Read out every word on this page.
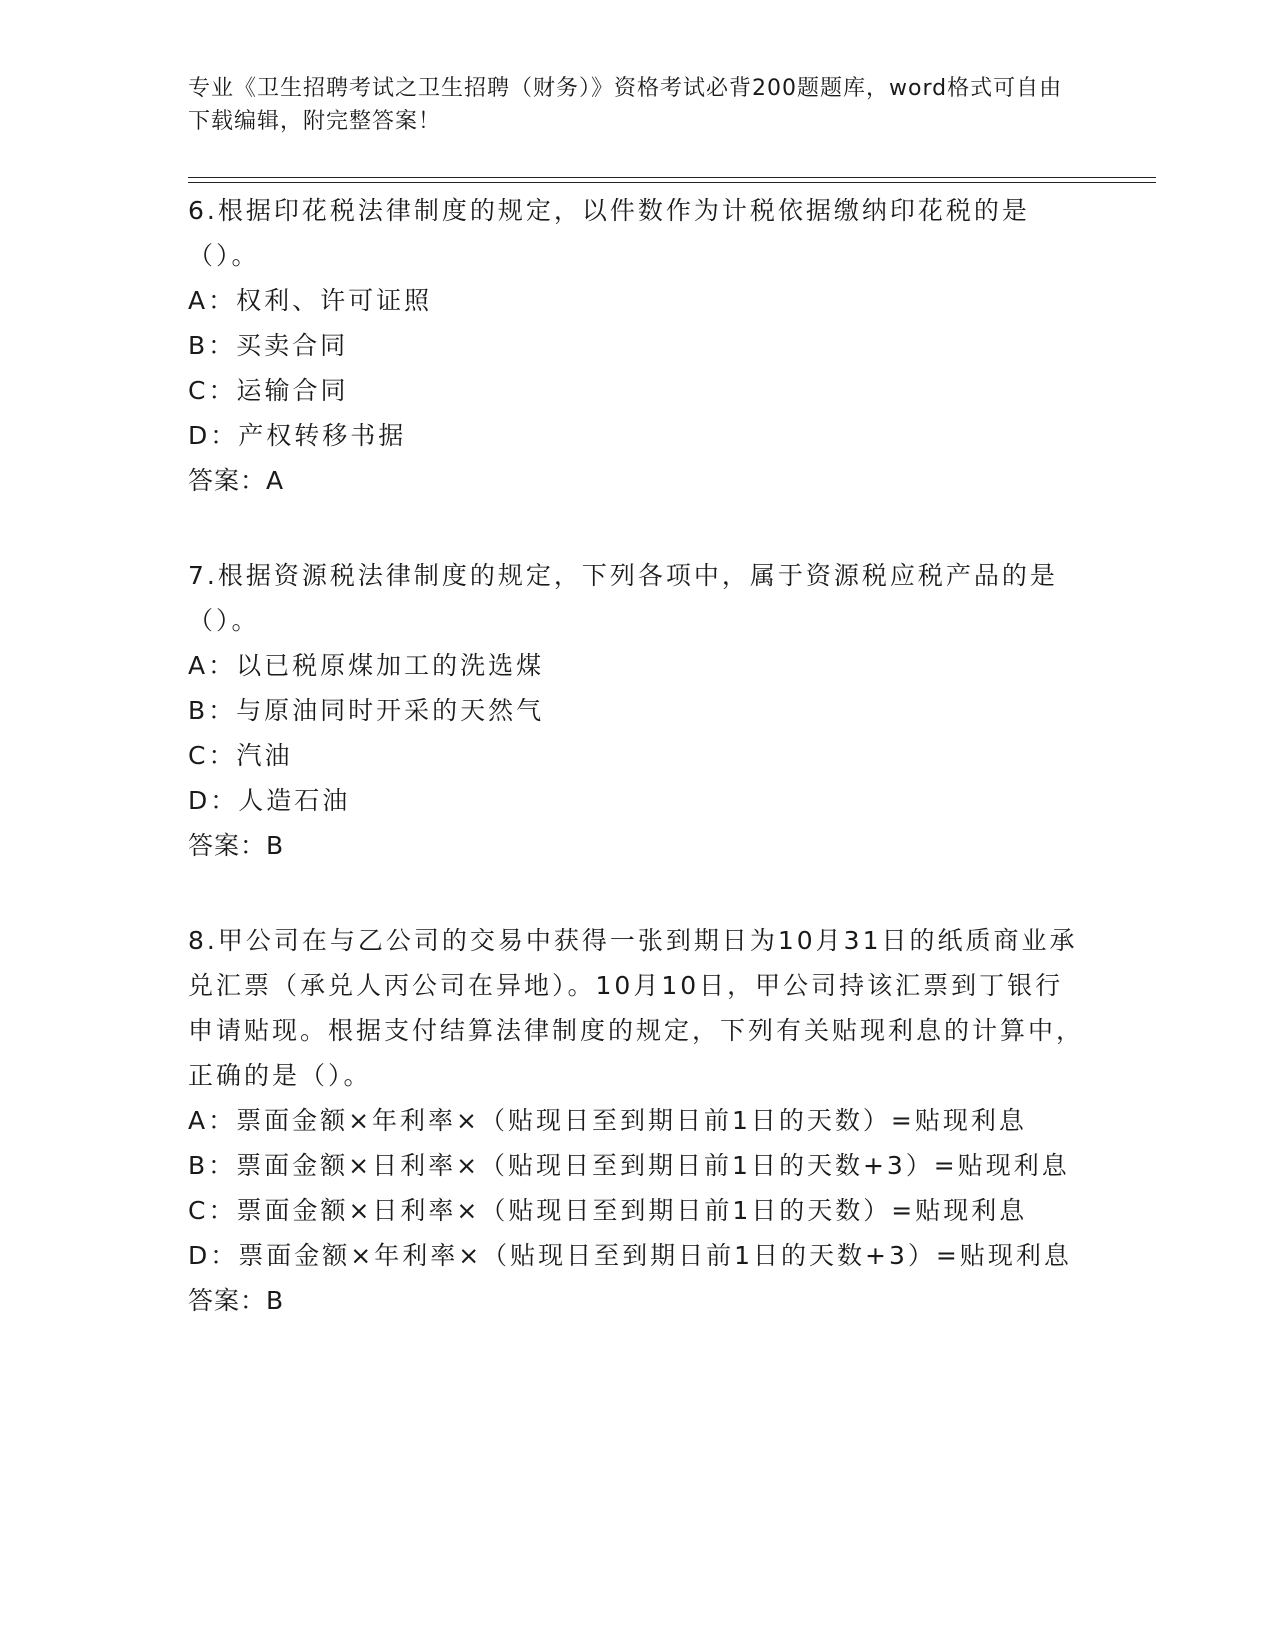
专业《卫生招聘考试之卫生招聘（财务）》资格考试必背200题题库，word格式可自由下载编辑，附完整答案！

6.根据印花税法律制度的规定，以件数作为计税依据缴纳印花税的是（）。

A：权利、许可证照

B：买卖合同

C：运输合同

D：产权转移书据

答案：A

7.根据资源税法律制度的规定，下列各项中，属于资源税应税产品的是（）。

A：以已税原煤加工的洗选煤

B：与原油同时开采的天然气

C：汽油

D：人造石油

答案：B

8.甲公司在与乙公司的交易中获得一张到期日为10月31日的纸质商业承兑汇票（承兑人丙公司在异地）。10月10日，甲公司持该汇票到丁银行申请贴现。根据支付结算法律制度的规定，下列有关贴现利息的计算中，正确的是（）。

A：票面金额×年利率×（贴现日至到期日前1日的天数）=贴现利息

B：票面金额×日利率×（贴现日至到期日前1日的天数+3）=贴现利息

C：票面金额×日利率×（贴现日至到期日前1日的天数）=贴现利息

D：票面金额×年利率×（贴现日至到期日前1日的天数+3）=贴现利息

答案：B
